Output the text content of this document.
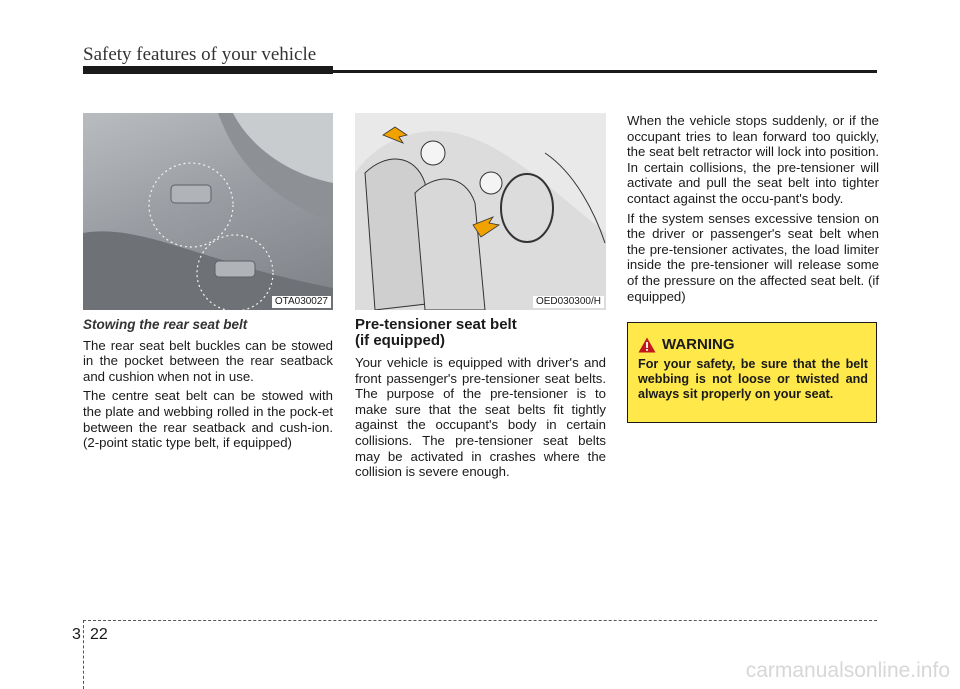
Safety features of your vehicle
OTA030027	OED030300/H
Stowing the rear seat belt

The rear seat belt buckles can be stowed in the pocket between the rear seatback and cushion when not in use.

The centre seat belt can be stowed with the plate and webbing rolled in the pock-et between the rear seatback and cush-ion. (2-point static type belt, if equipped)

Pre-tensioner seat belt
(if equipped)

Your vehicle is equipped with driver's and front passenger's pre-tensioner seat belts. The purpose of the pre-tensioner is to make sure that the seat belts fit tightly against the occupant's body in certain collisions. The pre-tensioner seat belts may be activated in crashes where the collision is severe enough.

When the vehicle stops suddenly, or if the occupant tries to lean forward too quickly, the seat belt retractor will lock into position. In certain collisions, the pre-tensioner will activate and pull the seat belt into tighter contact against the occu-pant's body.

If the system senses excessive tension on the driver or passenger's seat belt when the pre-tensioner activates, the load limiter inside the pre-tensioner will release some of the pressure on the affected seat belt. (if equipped)

WARNING
For your safety, be sure that the belt webbing is not loose or twisted and always sit properly on your seat.
3 22
carmanualsonline.info
